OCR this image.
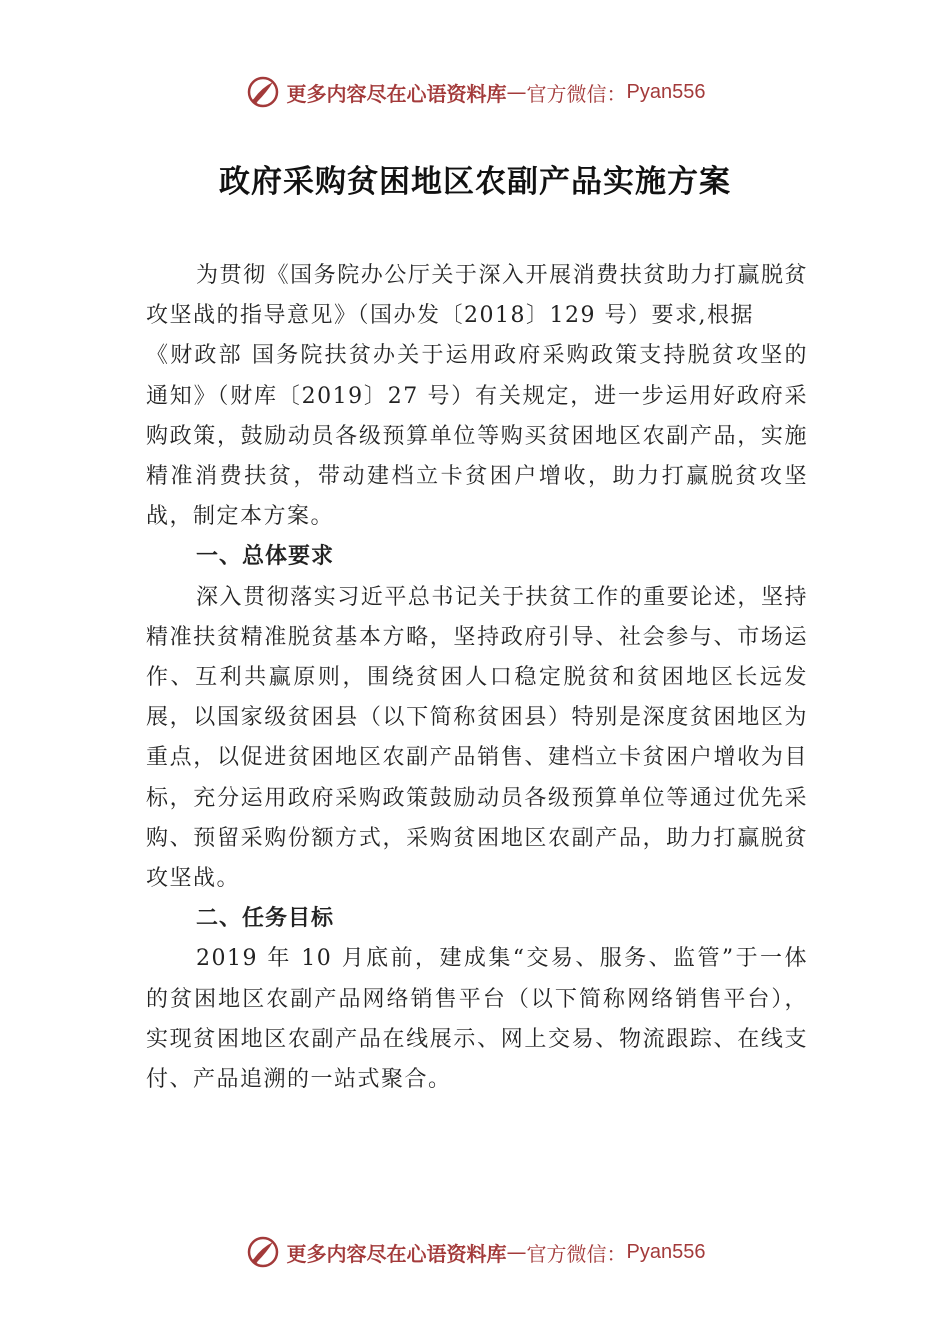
更多内容尽在心语资料库 — 官方微信： Pyan556
政府采购贫困地区农副产品实施方案

为贯彻《国务院办公厅关于深入开展消费扶贫助力打赢脱贫攻坚战的指导意见》（国办发〔2018〕129 号）要求,根据

《财政部 国务院扶贫办关于运用政府采购政策支持脱贫攻坚的通知》（财库〔2019〕27 号）有关规定，进一步运用好政府采购政策，鼓励动员各级预算单位等购买贫困地区农副产品，实施精准消费扶贫，带动建档立卡贫困户增收，助力打赢脱贫攻坚战，制定本方案。

一、总体要求

深入贯彻落实习近平总书记关于扶贫工作的重要论述，坚持精准扶贫精准脱贫基本方略，坚持政府引导、社会参与、市场运作、互利共赢原则，围绕贫困人口稳定脱贫和贫困地区长远发展，以国家级贫困县（以下简称贫困县）特别是深度贫困地区为重点，以促进贫困地区农副产品销售、建档立卡贫困户增收为目标，充分运用政府采购政策鼓励动员各级预算单位等通过优先采购、预留采购份额方式，采购贫困地区农副产品，助力打赢脱贫攻坚战。

二、任务目标

2019 年 10 月底前，建成集“交易、服务、监管”于一体的贫困地区农副产品网络销售平台（以下简称网络销售平台），实现贫困地区农副产品在线展示、网上交易、物流跟踪、在线支付、产品追溯的一站式聚合。

更多内容尽在心语资料库 — 官方微信： Pyan556
